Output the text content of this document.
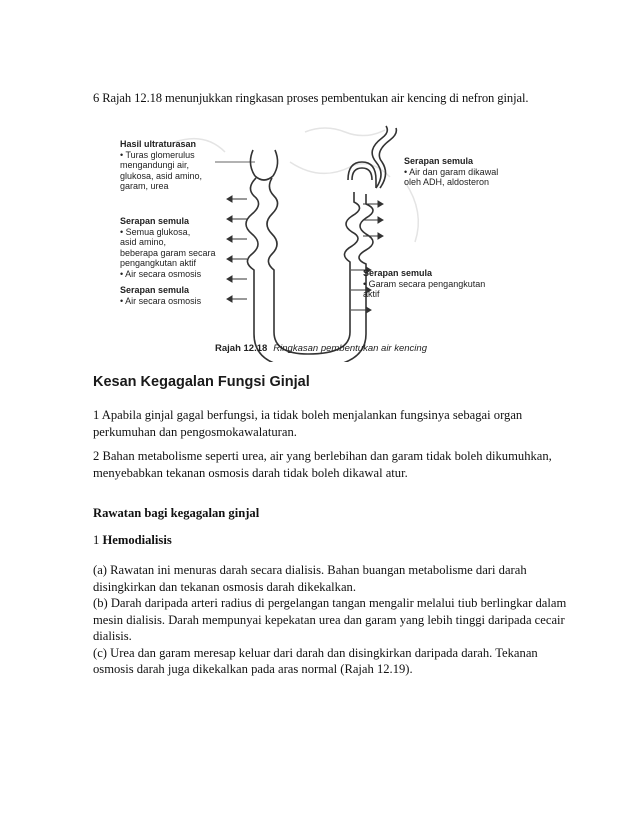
6 Rajah 12.18 menunjukkan ringkasan proses pembentukan air kencing di nefron ginjal.
Hasil ultraturasan
• Turas glomerulus
mengandungi air,
glukosa, asid amino,
garam, urea
Serapan semula
• Semua glukosa,
asid amino,
beberapa garam secara
pengangkutan aktif
• Air secara osmosis
Serapan semula
• Air secara osmosis
Serapan semula
• Air dan garam dikawal
oleh ADH, aldosteron
Serapan semula
• Garam secara pengangkutan
aktif
Rajah 12.18 Ringkasan pembentukan air kencing
Kesan Kegagalan Fungsi Ginjal
1 Apabila ginjal gagal berfungsi, ia tidak boleh menjalankan fungsinya sebagai organ perkumuhan dan pengosmokawalaturan.
2 Bahan metabolisme seperti urea, air yang berlebihan dan garam tidak boleh dikumuhkan,
menyebabkan tekanan osmosis darah tidak boleh dikawal atur.
Rawatan bagi kegagalan ginjal
1 Hemodialisis
(a) Rawatan ini menuras darah secara dialisis. Bahan buangan metabolisme dari darah disingkirkan dan tekanan osmosis darah dikekalkan.
(b) Darah daripada arteri radius di pergelangan tangan mengalir melalui tiub berlingkar dalam mesin dialisis. Darah mempunyai kepekatan urea dan garam yang lebih tinggi daripada cecair dialisis.
(c) Urea dan garam meresap keluar dari darah dan disingkirkan daripada darah. Tekanan osmosis darah juga dikekalkan pada aras normal (Rajah 12.19).
